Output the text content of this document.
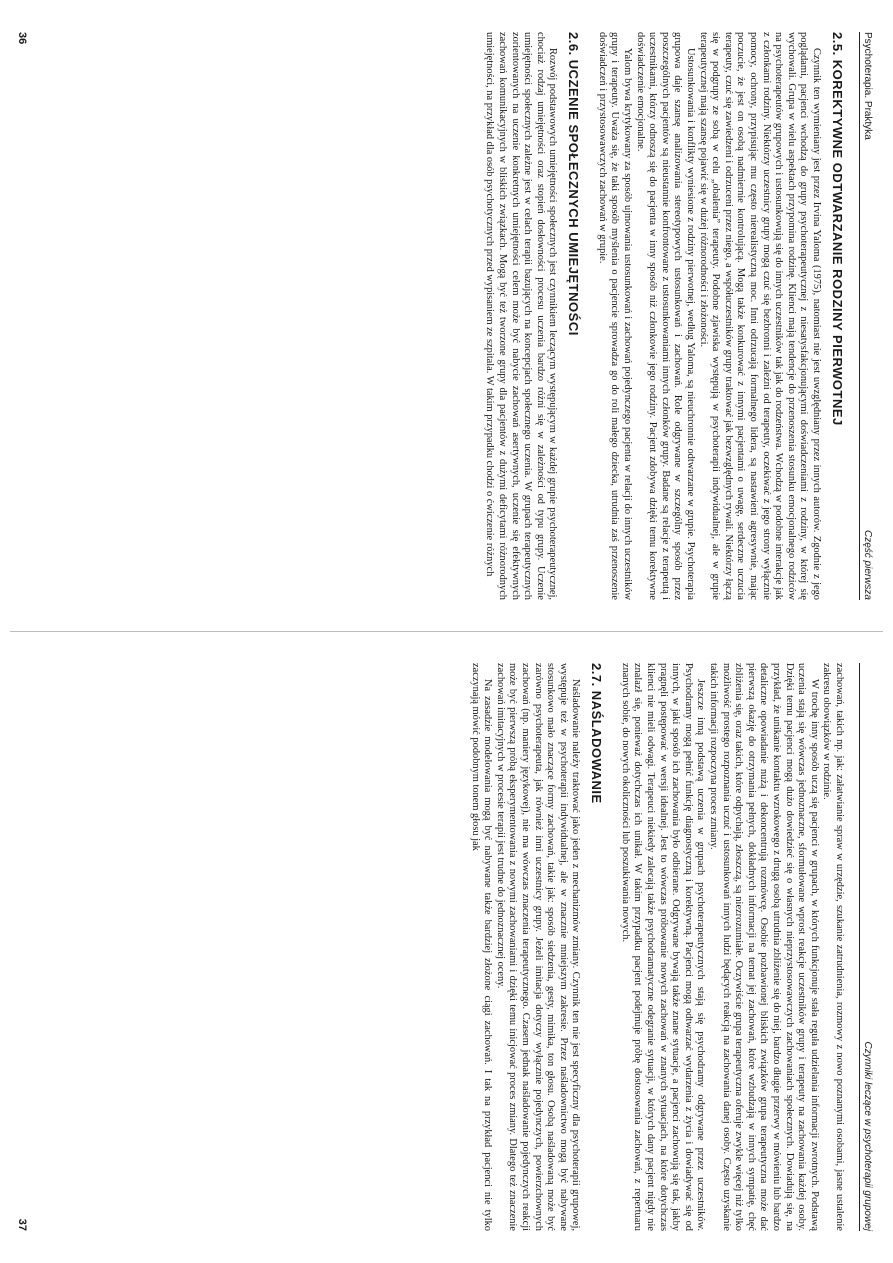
Psychoterapia. Praktyka
Część pierwsza
2.5. KOREKTYWNE ODTWARZANIE RODZINY PIERWOTNEJ

Czynnik ten wymieniany jest przez Irvina Yaloma (1975), natomiast nie jest uwzględniany przez innych autorów. Zgodnie z jego poglądami, pacjenci wchodzą do grupy psychoterapeutycznej z niesatysfakcjonującymi doświadczeniami z rodziny, w której się wychowali. Grupa w wielu aspektach przypomina rodzinę. Klienci mają tendencje do przenoszenia stosunku emocjonalnego rodziców na psychoterapeutów grupowych i ustosunkowują się do innych uczestników tak jak do rodzeństwa. Wchodzą w podobne interakcje jak z członkami rodziny. Niektórzy uczestnicy grupy mogą czuć się bezbronni i zależni od terapeuty, oczekiwać z jego strony wyłącznie pomocy, ochrony, przypisując mu często nierealistyczną moc. Inni odrzucają formalnego lidera, są nastawieni agresywnie, mając poczucie, że jest on osobą nadmiernie kontrolującą. Mogą także konkurować z innymi pacjentami o uwagę, serdeczne uczucia terapeuty, czuć się zawiedzeni i odrzuceni przez niego, a współuczestników grupy traktować jak bezwzględnych rywali. Niektórzy łączą się w podgrupy ze sobą w celu „obalenia” terapeuty. Podobne zjawiska występują w psychoterapii indywidualnej, ale w grupie terapeutycznej mają szansę pojawić się w dużej różnorodności i złożoności.

Ustosunkowania i konflikty wyniesione z rodziny pierwotnej, według Yaloma, są nieuchronnie odtwarzane w grupie. Psychoterapia grupowa daje szansę analizowania stereotypowych ustosunkowań i zachowań. Role odgrywane w szczególny sposób przez poszczególnych pacjentów są nieustannie konfrontowane z ustosunkowaniami innych członków grupy. Badane są relacje z terapeutą i uczestnikami, którzy odnoszą się do pacjenta w inny sposób niż członkowie jego rodziny. Pacjent zdobywa dzięki temu korektywne doświadczenie emocjonalne.

Yalom bywa krytykowany za sposób ujmowania ustosunkowań i zachowań pojedynczego pacjenta w relacji do innych uczestników grupy i terapeuty. Uważa się, że taki sposób myślenia o pacjencie sprowadza go do roli małego dziecka, utrudnia zaś przenoszenie doświadczeń i przystosowawczych zachowań w grupie.

2.6. UCZENIE SPOŁECZNYCH UMIEJĘTNOŚCI

Rozwój podstawowych umiejętności społecznych jest czynnikiem leczącym występującym w każdej grupie psychoterapeutycznej, chociaż rodzaj umiejętności oraz stopień dosłowności procesu uczenia bardzo różni się w zależności od typu grupy. Uczenie umiejętności społecznych zależne jest w celach terapii bazujących na koncepcjach społecznego uczenia. W grupach terapeutycznych zorientowanych na uczenie konkretnych umiejętności celem może być nabycie zachowań asertywnych, uczenie się efektywnych zachowań komunikacyjnych w bliskich związkach. Mogą być też tworzone grupy dla pacjentów z dużymi deficytami różnorodnych umiejętności, na przykład dla osób psychotycznych przed wypisaniem ze szpitala. W takim przypadku chodzi o ćwiczenie różnych

36
Czynniki leczące w psychoterapii grupowej

zachowań, takich np. jak: załatwianie spraw w urzędzie, szukanie zatrudnienia, rozmowy z nowo poznanymi osobami, jasne ustalenie zakresu obowiązków w rodzinie.

W trochę inny sposób uczą się pacjenci w grupach, w których funkcjonuje stała reguła udzielania informacji zwrotnych. Podstawą uczenia stają się wówczas jednoznaczne, sformułowane wprost reakcje uczestników grupy i terapeuty na zachowania każdej osoby. Dzięki temu pacjenci mogą dużo dowiedzieć się o własnych nieprzystosowawczych zachowaniach społecznych. Dowiadują się, na przykład, że unikanie kontaktu wzrokowego z drugą osobą utrudnia zbliżenie się do niej, bardzo długie przerwy w mówieniu lub bardzo detaliczne opowiadanie nużą i dekoncentrują rozmówcę. Osobie pozbawionej bliskich związków grupa terapeutyczna może dać pierwszą okazję do otrzymania pełnych, dokładnych informacji na temat jej zachowań, które wzbudzają w innych sympatię, chęć zbliżenia się, oraz takich, które odpychają, złoszczą, są niezrozumiałe. Oczywiście grupa terapeutyczna oferuje zwykle więcej niż tylko możliwość prostego rozpoznania uczuć i ustosunkowań innych ludzi będących reakcją na zachowania danej osoby. Często uzyskanie takich informacji rozpoczyna proces zmiany.

Jeszcze inną podstawą uczenia w grupach psychoterapeutycznych stają się psychodramy odgrywane przez uczestników. Psychodramy mogą pełnić funkcję diagnostyczną i korektywną. Pacjenci mogą odtwarzać wydarzenia z życia i dowiadywać się od innych, w jaki sposób ich zachowania było odbierane. Odgrywane bywają także znane sytuacje, a pacjenci zachowują się tak, jakby pragnęli postępować w wersji idealnej. Jest to wówczas próbowanie nowych zachowań w znanych sytuacjach, na które dotychczas klienci nie mieli odwagi. Terapeuci niekiedy zalecają także psychodramatyczne odegranie sytuacji, w których dany pacjent nigdy nie znalazł się, ponieważ dotychczas ich unikał. W takim przypadku pacjent podejmuje próbę dostosowania zachowań, z repertuaru znanych sobie, do nowych okoliczności lub poszukiwania nowych.

2.7. NAŚLADOWANIE

Naśladowanie należy traktować jako jeden z mechanizmów zmiany. Czynnik ten nie jest specyficzny dla psychoterapii grupowej, występuje też w psychoterapii indywidualnej, ale w znacznie mniejszym zakresie. Przez naśladownictwo mogą być nabywane stosunkowo mało znaczące formy zachowań, takie jak: sposób siedzenia, gesty, mimika, ton głosu. Osobą naśladowaną może być zarówno psychoterapeuta, jak również inni uczestnicy grupy. Jeżeli imitacja dotyczy wyłącznie pojedynczych, powierzchownych zachowań (np. maniery językowej), nie ma wówczas znaczenia terapeutycznego. Czasem jednak naśladowanie pojedynczych reakcji może być pierwszą próbą eksperymentowania z nowymi zachowaniami i dzięki temu inicjować proces zmiany. Dlatego też znaczenie zachowań imitacyjnych w procesie terapii jest trudne do jednoznacznej oceny.

Na zasadzie modelowania mogą być nabywane także bardziej złożone ciągi zachowań. I tak na przykład pacjenci nie tylko zaczynają mówić podobnym tonem głosu jak

37
